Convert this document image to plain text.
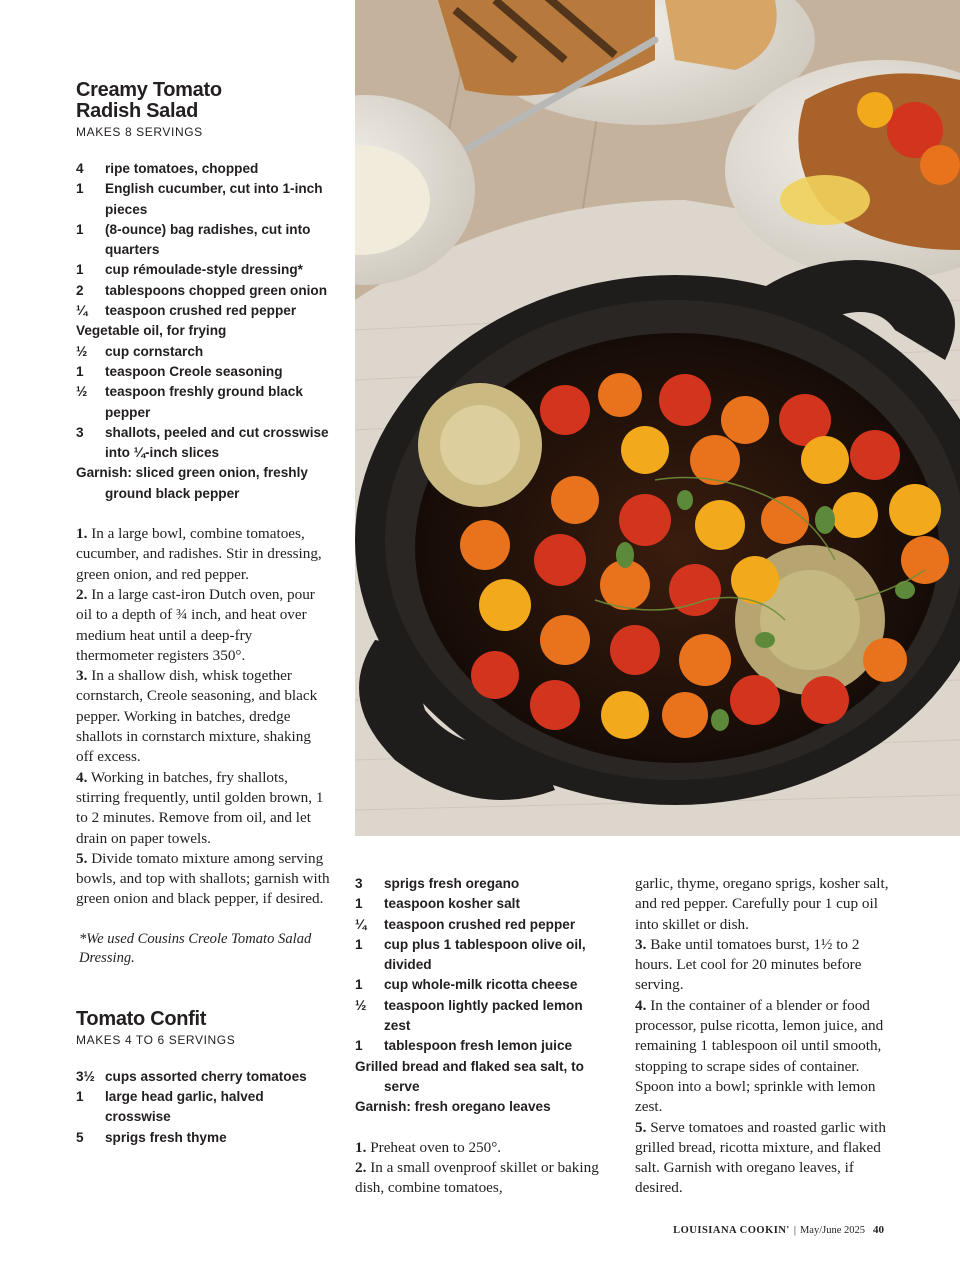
Creamy Tomato
Radish Salad
MAKES 8 SERVINGS
4	ripe tomatoes, chopped
1	English cucumber, cut into 1-inch pieces
1	(8-ounce) bag radishes, cut into quarters
1	cup rémoulade-style dressing*
2	tablespoons chopped green onion
¼	teaspoon crushed red pepper
Vegetable oil, for frying
½	cup cornstarch
1	teaspoon Creole seasoning
½	teaspoon freshly ground black pepper
3	shallots, peeled and cut crosswise into ¼-inch slices
Garnish: sliced green onion, freshly ground black pepper
1. In a large bowl, combine tomatoes, cucumber, and radishes. Stir in dressing, green onion, and red pepper.
2. In a large cast-iron Dutch oven, pour oil to a depth of ¾ inch, and heat over medium heat until a deep-fry thermometer registers 350°.
3. In a shallow dish, whisk together cornstarch, Creole seasoning, and black pepper. Working in batches, dredge shallots in cornstarch mixture, shaking off excess.
4. Working in batches, fry shallots, stirring frequently, until golden brown, 1 to 2 minutes. Remove from oil, and let drain on paper towels.
5. Divide tomato mixture among serving bowls, and top with shallots; garnish with green onion and black pepper, if desired.
*We used Cousins Creole Tomato Salad Dressing.
Tomato Confit
MAKES 4 TO 6 SERVINGS
3½ cups assorted cherry tomatoes
1	large head garlic, halved crosswise
5	sprigs fresh thyme
3	sprigs fresh oregano
1	teaspoon kosher salt
¼	teaspoon crushed red pepper
1	cup plus 1 tablespoon olive oil, divided
1	cup whole-milk ricotta cheese
½	teaspoon lightly packed lemon zest
1	tablespoon fresh lemon juice
Grilled bread and flaked sea salt, to serve
Garnish: fresh oregano leaves
1. Preheat oven to 250°.
2. In a small ovenproof skillet or baking dish, combine tomatoes,
garlic, thyme, oregano sprigs, kosher salt, and red pepper. Carefully pour 1 cup oil into skillet or dish.
3. Bake until tomatoes burst, 1½ to 2 hours. Let cool for 20 minutes before serving.
4. In the container of a blender or food processor, pulse ricotta, lemon juice, and remaining 1 tablespoon oil until smooth, stopping to scrape sides of container. Spoon into a bowl; sprinkle with lemon zest.
5. Serve tomatoes and roasted garlic with grilled bread, ricotta mixture, and flaked salt. Garnish with oregano leaves, if desired.
LOUISIANA COOKIN' | May/June 2025 40
